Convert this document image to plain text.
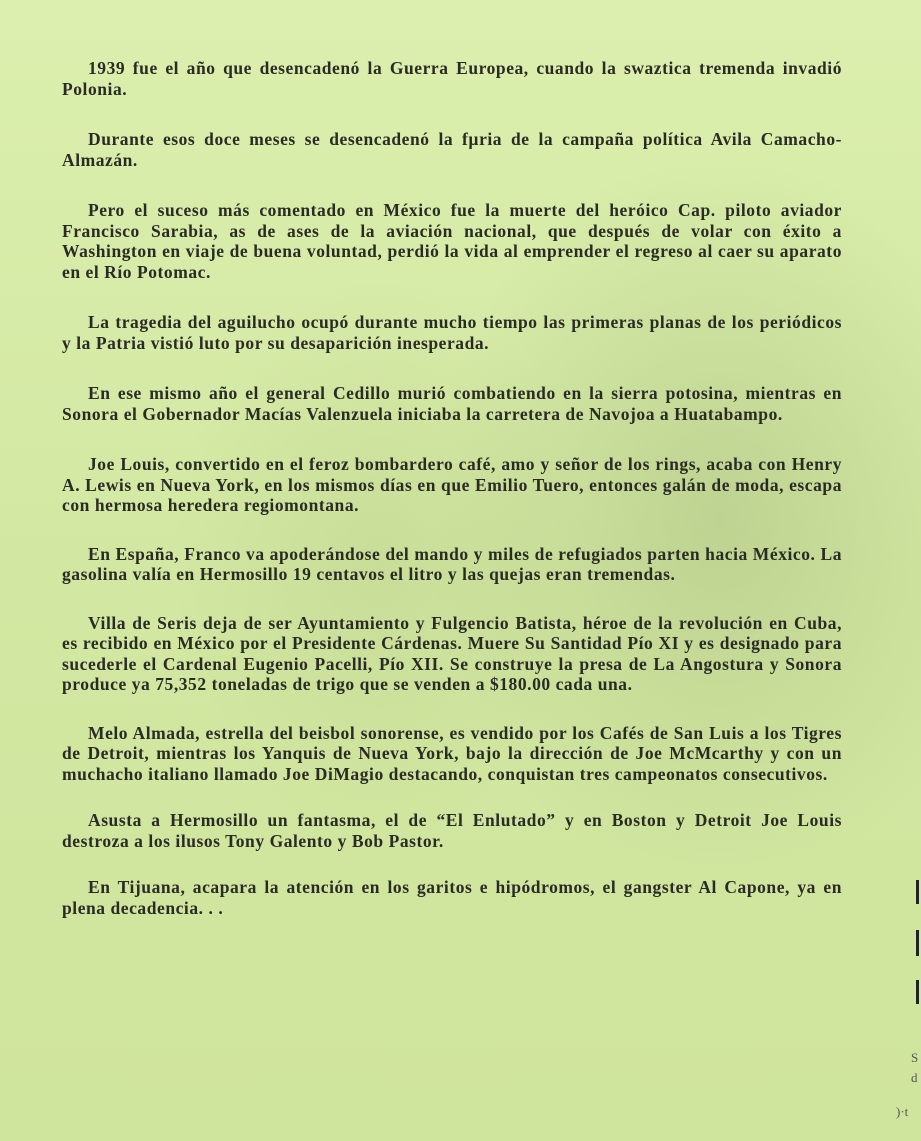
1939 fue el año que desencadenó la Guerra Europea, cuando la swaztica tremenda invadió Polonia.

Durante esos doce meses se desencadenó la fµria de la campaña política Avila Camacho-Almazán.

Pero el suceso más comentado en México fue la muerte del heróico Cap. piloto aviador Francisco Sarabia, as de ases de la aviación nacional, que después de volar con éxito a Washington en viaje de buena voluntad, perdió la vida al emprender el regreso al caer su aparato en el Río Potomac.

La tragedia del aguilucho ocupó durante mucho tiempo las primeras planas de los periódicos y la Patria vistió luto por su desaparición inesperada.

En ese mismo año el general Cedillo murió combatiendo en la sierra potosina, mientras en Sonora el Gobernador Macías Valenzuela iniciaba la carretera de Navojoa a Huatabampo.

Joe Louis, convertido en el feroz bombardero café, amo y señor de los rings, acaba con Henry A. Lewis en Nueva York, en los mismos días en que Emilio Tuero, entonces galán de moda, escapa con hermosa heredera regiomontana.

En España, Franco va apoderándose del mando y miles de refugiados parten hacia México. La gasolina valía en Hermosillo 19 centavos el litro y las quejas eran tremendas.

Villa de Seris deja de ser Ayuntamiento y Fulgencio Batista, héroe de la revolución en Cuba, es recibido en México por el Presidente Cárdenas. Muere Su Santidad Pío XI y es designado para sucederle el Cardenal Eugenio Pacelli, Pío XII. Se construye la presa de La Angostura y Sonora produce ya 75,352 toneladas de trigo que se venden a $180.00 cada una.

Melo Almada, estrella del beisbol sonorense, es vendido por los Cafés de San Luis a los Tigres de Detroit, mientras los Yanquis de Nueva York, bajo la dirección de Joe McMcarthy y con un muchacho italiano llamado Joe DiMagio destacando, conquistan tres campeonatos consecutivos.

Asusta a Hermosillo un fantasma, el de “El Enlutado” y en Boston y Detroit Joe Louis destroza a los ilusos Tony Galento y Bob Pastor.

En Tijuana, acapara la atención en los garitos e hipódromos, el gangster Al Capone, ya en plena decadencia. . .

S
d
)·t
